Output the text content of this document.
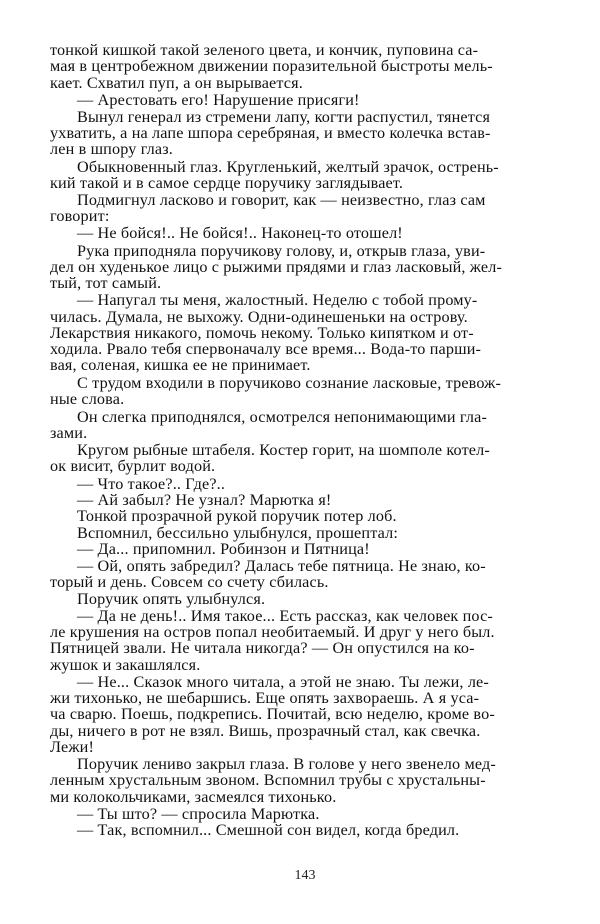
тонкой кишкой такой зеленого цвета, и кончик, пуповина са-
мая в центробежном движении поразительной быстроты мель-
кает. Схватил пуп, а он вырывается.
— Арестовать его! Нарушение присяги!
Вынул генерал из стремени лапу, когти распустил, тянется
ухватить, а на лапе шпора серебряная, и вместо колечка встав-
лен в шпору глаз.
Обыкновенный глаз. Кругленький, желтый зрачок, острень-
кий такой и в самое сердце поручику заглядывает.
Подмигнул ласково и говорит, как — неизвестно, глаз сам
говорит:
— Не бойся!.. Не бойся!.. Наконец-то отошел!
Рука приподняла поручикову голову, и, открыв глаза, уви-
дел он худенькое лицо с рыжими прядями и глаз ласковый, жел-
тый, тот самый.
— Напугал ты меня, жалостный. Неделю с тобой прому-
чилась. Думала, не выхожу. Одни-одинешеньки на острову.
Лекарствия никакого, помочь некому. Только кипятком и от-
ходила. Рвало тебя спервоначалу все время... Вода-то парши-
вая, соленая, кишка ее не принимает.
С трудом входили в поручиково сознание ласковые, тревож-
ные слова.
Он слегка приподнялся, осмотрелся непонимающими гла-
зами.
Кругом рыбные штабеля. Костер горит, на шомполе котел-
ок висит, бурлит водой.
— Что такое?.. Где?..
— Ай забыл? Не узнал? Марютка я!
Тонкой прозрачной рукой поручик потер лоб.
Вспомнил, бессильно улыбнулся, прошептал:
— Да... припомнил. Робинзон и Пятница!
— Ой, опять забредил? Далась тебе пятница. Не знаю, ко-
торый и день. Совсем со счету сбилась.
Поручик опять улыбнулся.
— Да не день!.. Имя такое... Есть рассказ, как человек пос-
ле крушения на остров попал необитаемый. И друг у него был.
Пятницей звали. Не читала никогда? — Он опустился на ко-
жушок и закашлялся.
— Не... Сказок много читала, а этой не знаю. Ты лежи, ле-
жи тихонько, не шебаршись. Еще опять захвораешь. А я уса-
ча сварю. Поешь, подкрепись. Почитай, всю неделю, кроме во-
ды, ничего в рот не взял. Вишь, прозрачный стал, как свечка.
Лежи!
Поручик лениво закрыл глаза. В голове у него звенело мед-
ленным хрустальным звоном. Вспомнил трубы с хрустальны-
ми колокольчиками, засмеялся тихонько.
— Ты што? — спросила Марютка.
— Так, вспомнил... Смешной сон видел, когда бредил.
143
